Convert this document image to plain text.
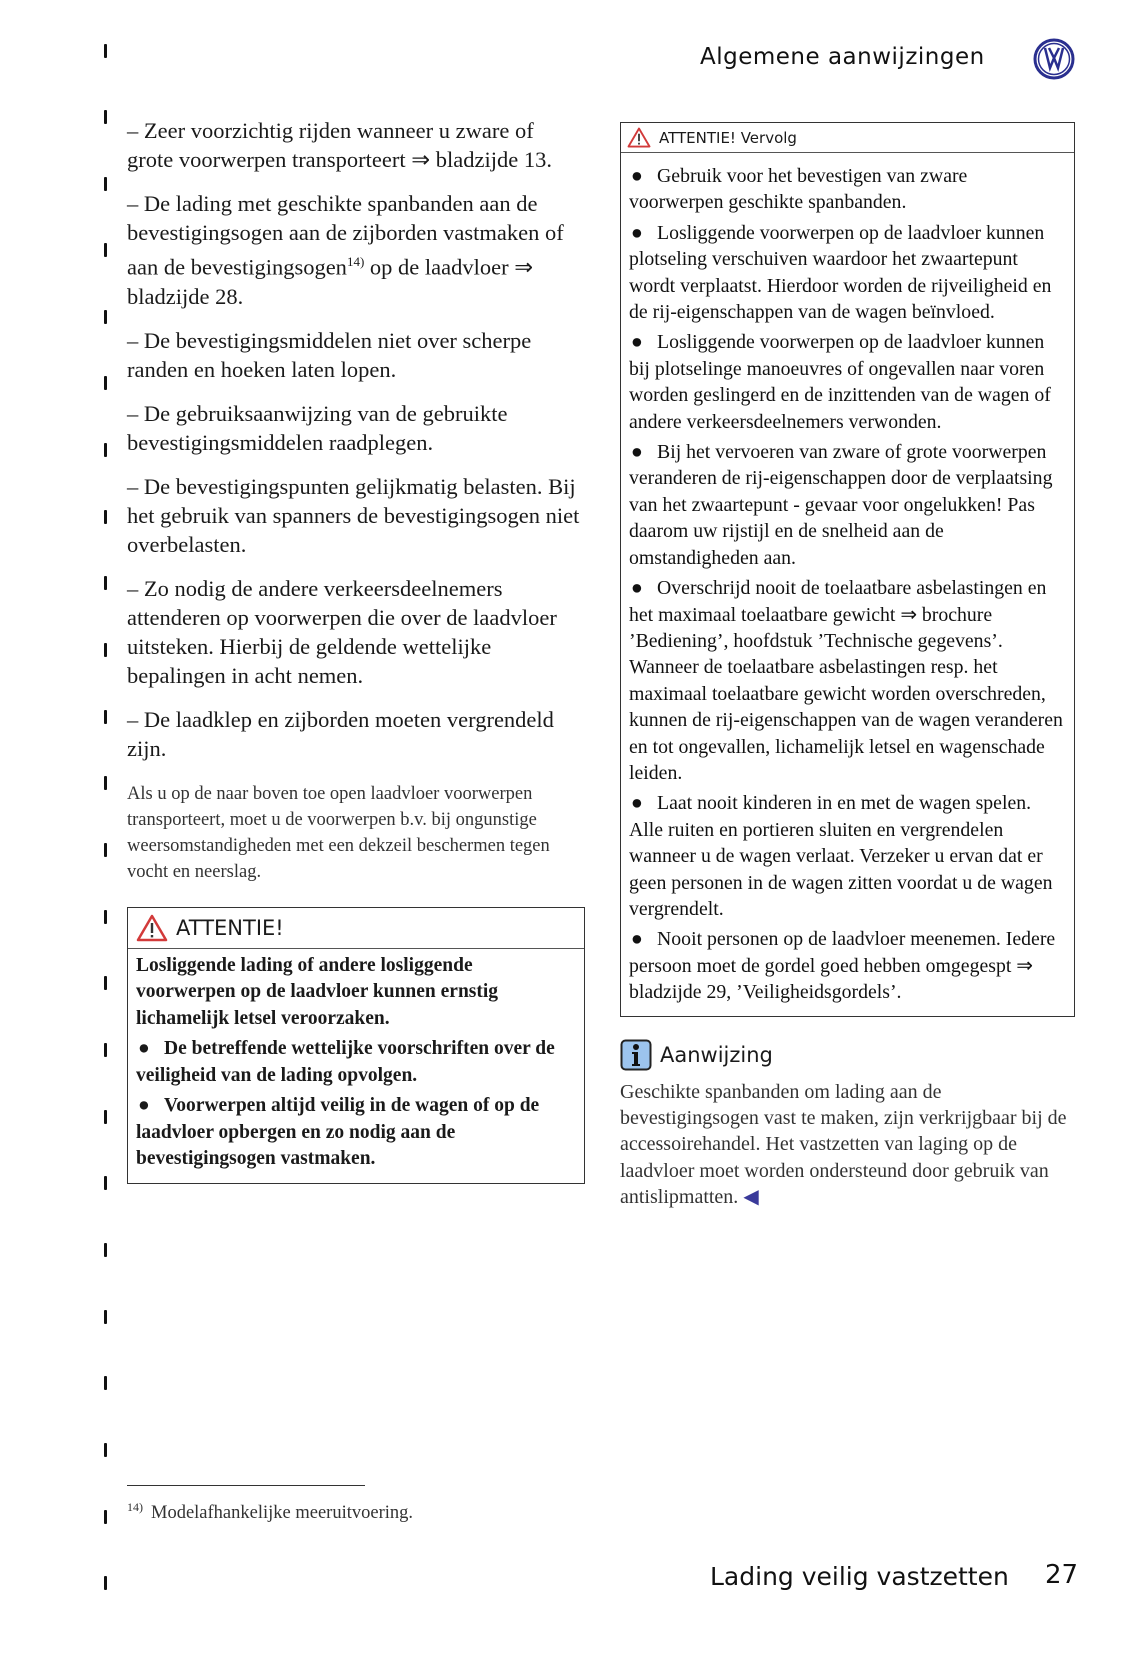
Algemene aanwijzingen

– Zeer voorzichtig rijden wanneer u zware of grote voorwerpen transporteert ⇒ bladzijde 13.

– De lading met geschikte spanbanden aan de bevestigingsogen aan de zijborden vastmaken of aan de bevestigingsogen$^{14)}$ op de laadvloer ⇒ bladzijde 28.

– De bevestigingsmiddelen niet over scherpe randen en hoeken laten lopen.

– De gebruiksaanwijzing van de gebruikte bevestigingsmiddelen raadplegen.

– De bevestigingspunten gelijkmatig belasten. Bij het gebruik van spanners de bevestigingsogen niet overbelasten.

– Zo nodig de andere verkeersdeelnemers attenderen op voorwerpen die over de laadvloer uitsteken. Hierbij de geldende wettelijke bepalingen in acht nemen.

– De laadklep en zijborden moeten vergrendeld zijn.

Als u op de naar boven toe open laadvloer voorwerpen transporteert, moet u de voorwerpen b.v. bij ongunstige weersomstandigheden met een dekzeil beschermen tegen vocht en neerslag.

ATTENTIE!

Losliggende lading of andere losliggende voorwerpen op de laadvloer kunnen ernstig lichamelijk letsel veroorzaken.

● De betreffende wettelijke voorschriften over de veiligheid van de lading opvolgen.

● Voorwerpen altijd veilig in de wagen of op de laadvloer opbergen en zo nodig aan de bevestigingsogen vastmaken.

ATTENTIE! Vervolg

● Gebruik voor het bevestigen van zware voorwerpen geschikte spanbanden.

● Losliggende voorwerpen op de laadvloer kunnen plotseling verschuiven waardoor het zwaartepunt wordt verplaatst. Hierdoor worden de rijveiligheid en de rij-eigenschappen van de wagen beïnvloed.

● Losliggende voorwerpen op de laadvloer kunnen bij plotselinge manoeuvres of ongevallen naar voren worden geslingerd en de inzittenden van de wagen of andere verkeersdeelnemers verwonden.

● Bij het vervoeren van zware of grote voorwerpen veranderen de rij-eigenschappen door de verplaatsing van het zwaartepunt - gevaar voor ongelukken! Pas daarom uw rijstijl en de snelheid aan de omstandigheden aan.

● Overschrijd nooit de toelaatbare asbelastingen en het maximaal toelaatbare gewicht ⇒ brochure ’Bediening’, hoofdstuk ’Technische gegevens’. Wanneer de toelaatbare asbelastingen resp. het maximaal toelaatbare gewicht worden overschreden, kunnen de rij-eigenschappen van de wagen veranderen en tot ongevallen, lichamelijk letsel en wagenschade leiden.

● Laat nooit kinderen in en met de wagen spelen. Alle ruiten en portieren sluiten en vergrendelen wanneer u de wagen verlaat. Verzeker u ervan dat er geen personen in de wagen zitten voordat u de wagen vergrendelt.

● Nooit personen op de laadvloer meenemen. Iedere persoon moet de gordel goed hebben omgegespt ⇒ bladzijde 29, ’Veiligheidsgordels’.

Aanwijzing

Geschikte spanbanden om lading aan de bevestigingsogen vast te maken, zijn verkrijgbaar bij de accessoirehandel. Het vastzetten van laging op de laadvloer moet worden ondersteund door gebruik van antislipmatten. ◀

$^{14)}$ Modelafhankelijke meeruitvoering.

Lading veilig vastzetten 27
